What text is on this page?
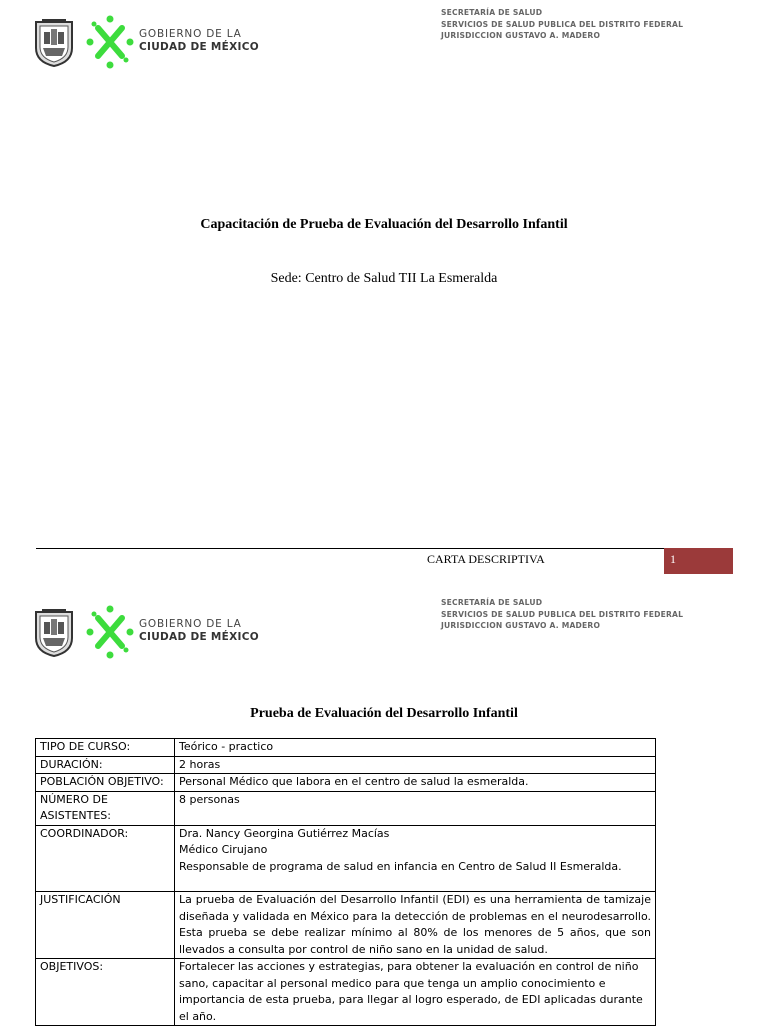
GOBIERNO DE LA
CIUDAD DE MÉXICO
SECRETARÍA DE SALUD
SERVICIOS DE SALUD PUBLICA DEL DISTRITO FEDERAL
JURISDICCION GUSTAVO A. MADERO
Capacitación de Prueba de Evaluación del Desarrollo Infantil
Sede: Centro de Salud TII La Esmeralda
CARTA DESCRIPTIVA	1
GOBIERNO DE LA
CIUDAD DE MÉXICO
SECRETARÍA DE SALUD
SERVICIOS DE SALUD PUBLICA DEL DISTRITO FEDERAL
JURISDICCION GUSTAVO A. MADERO
Prueba de Evaluación del Desarrollo Infantil
TIPO DE CURSO:	Teórico - practico

DURACIÓN:	2 horas

POBLACIÓN OBJETIVO:	Personal Médico que labora en el centro de salud la esmeralda.

NÚMERO DE ASISTENTES:	8 personas

COORDINADOR:	Dra. Nancy Georgina Gutiérrez Macías
Médico Cirujano
Responsable de programa de salud en infancia en Centro de Salud II Esmeralda.

JUSTIFICACIÓN	La prueba de Evaluación del Desarrollo Infantil (EDI) es una herramienta de tamizaje diseñada y validada en México para la detección de problemas en el neurodesarrollo. Esta prueba se debe realizar mínimo al 80% de los menores de 5 años, que son llevados a consulta por control de niño sano en la unidad de salud.

OBJETIVOS:	Fortalecer las acciones y estrategias, para obtener la evaluación en control de niño sano, capacitar al personal medico para que tenga un amplio conocimiento e importancia de esta prueba, para llegar al logro esperado, de EDI aplicadas durante el año.
